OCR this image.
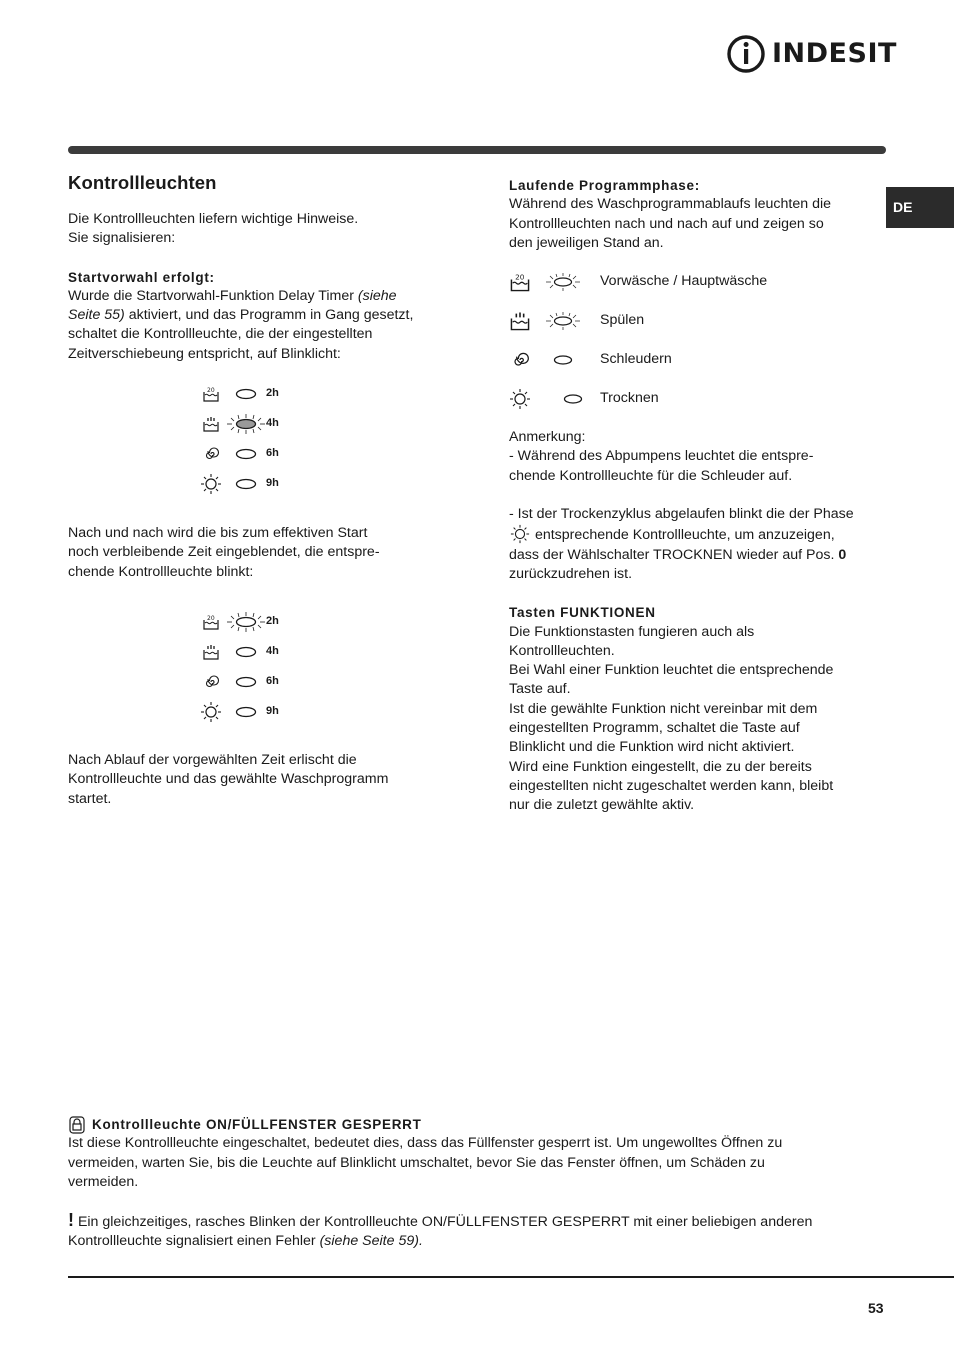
INDESIT
DE
Kontrollleuchten

Die Kontrollleuchten liefern wichtige Hinweise.

Sie signalisieren:

Startvorwahl erfolgt:

Wurde die Startvorwahl-Funktion Delay Timer (siehe

Seite 55) aktiviert, und das Programm in Gang gesetzt,

schaltet die Kontrollleuchte, die der eingestellten

Zeitverschiebeung entspricht, auf Blinklicht:

20	2h
4h
6h
9h

Nach und nach wird die bis zum effektiven Start

noch verbleibende Zeit eingeblendet, die entspre-

chende Kontrollleuchte blinkt:

20	2h
4h
6h
9h

Nach Ablauf der vorgewählten Zeit erlischt die

Kontrollleuchte und das gewählte Waschprogramm

startet.

Laufende Programmphase:

Während des Waschprogrammablaufs leuchten die

Kontrollleuchten nach und nach auf und zeigen so

den jeweiligen Stand an.

20	Vorwäsche / Hauptwäsche
Spülen
Schleudern
Trocknen

Anmerkung:

- Während des Abpumpens leuchtet die entspre-

chende Kontrollleuchte für die Schleuder auf.

- Ist der Trockenzyklus abgelaufen blinkt die der Phase

entsprechende Kontrollleuchte, um anzuzeigen,

dass der Wählschalter TROCKNEN wieder auf Pos. 0

zurückzudrehen ist.

Tasten FUNKTIONEN

Die Funktionstasten fungieren auch als

Kontrollleuchten.

Bei Wahl einer Funktion leuchtet die entsprechende

Taste auf.

Ist die gewählte Funktion nicht vereinbar mit dem

eingestellten Programm, schaltet die Taste auf

Blinklicht und die Funktion wird nicht aktiviert.

Wird eine Funktion eingestellt, die zu der bereits

eingestellten nicht zugeschaltet werden kann, bleibt

nur die zuletzt gewählte aktiv.

Kontrollleuchte ON/FÜLLFENSTER GESPERRT

Ist diese Kontrollleuchte eingeschaltet, bedeutet dies, dass das Füllfenster gesperrt ist. Um ungewolltes Öffnen zu

vermeiden, warten Sie, bis die Leuchte auf Blinklicht umschaltet, bevor Sie das Fenster öffnen, um Schäden zu

vermeiden.

! Ein gleichzeitiges, rasches Blinken der Kontrollleuchte ON/FÜLLFENSTER GESPERRT mit einer beliebigen anderen

Kontrollleuchte signalisiert einen Fehler (siehe Seite 59).

53
